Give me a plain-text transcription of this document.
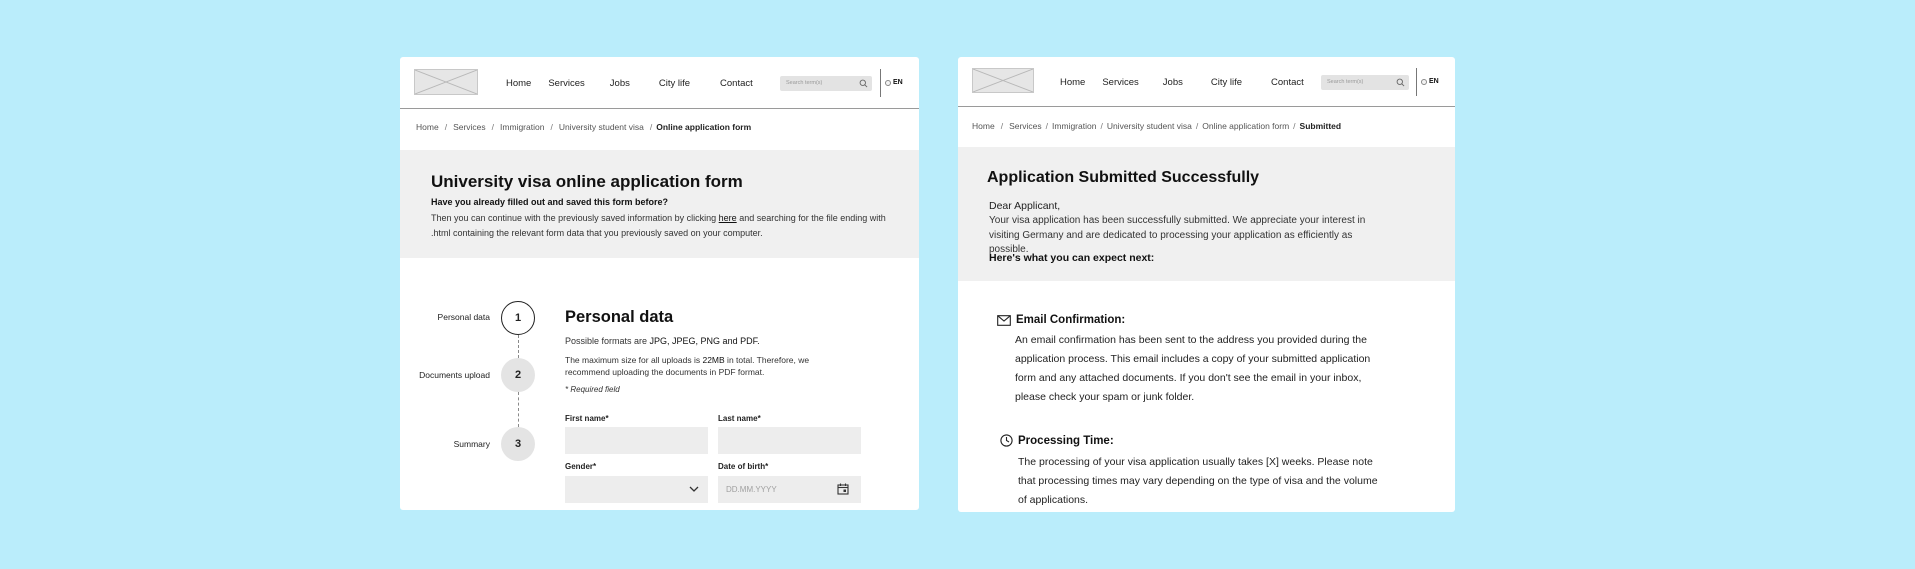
Home Services	Jobs	City life	Contact	Search term(s)	EN
Home / Services / Immigration / University student visa / Online application form
University visa online application form
Have you already filled out and saved this form before?
Then you can continue with the previously saved information by clicking here and searching for the file ending with .html containing the relevant form data that you previously saved on your computer.
Personal data	1
Documents upload	2
Summary	3
Personal data
Possible formats are JPG, JPEG, PNG and PDF.
The maximum size for all uploads is 22MB in total. Therefore, we recommend uploading the documents in PDF format.
* Required field
First name*	Last name*
Gender*	Date of birth*
DD.MM.YYYY
Home Services	Jobs	City life	Contact	Search term(s)	EN
Home / Services / Immigration / University student visa / Online application form / Submitted
Application Submitted Successfully
Dear Applicant,
Your visa application has been successfully submitted. We appreciate your interest in visiting Germany and are dedicated to processing your application as efficiently as possible.
Here's what you can expect next:
Email Confirmation:
An email confirmation has been sent to the address you provided during the application process. This email includes a copy of your submitted application form and any attached documents. If you don't see the email in your inbox, please check your spam or junk folder.
Processing Time:
The processing of your visa application usually takes [X] weeks. Please note that processing times may vary depending on the type of visa and the volume of applications.
